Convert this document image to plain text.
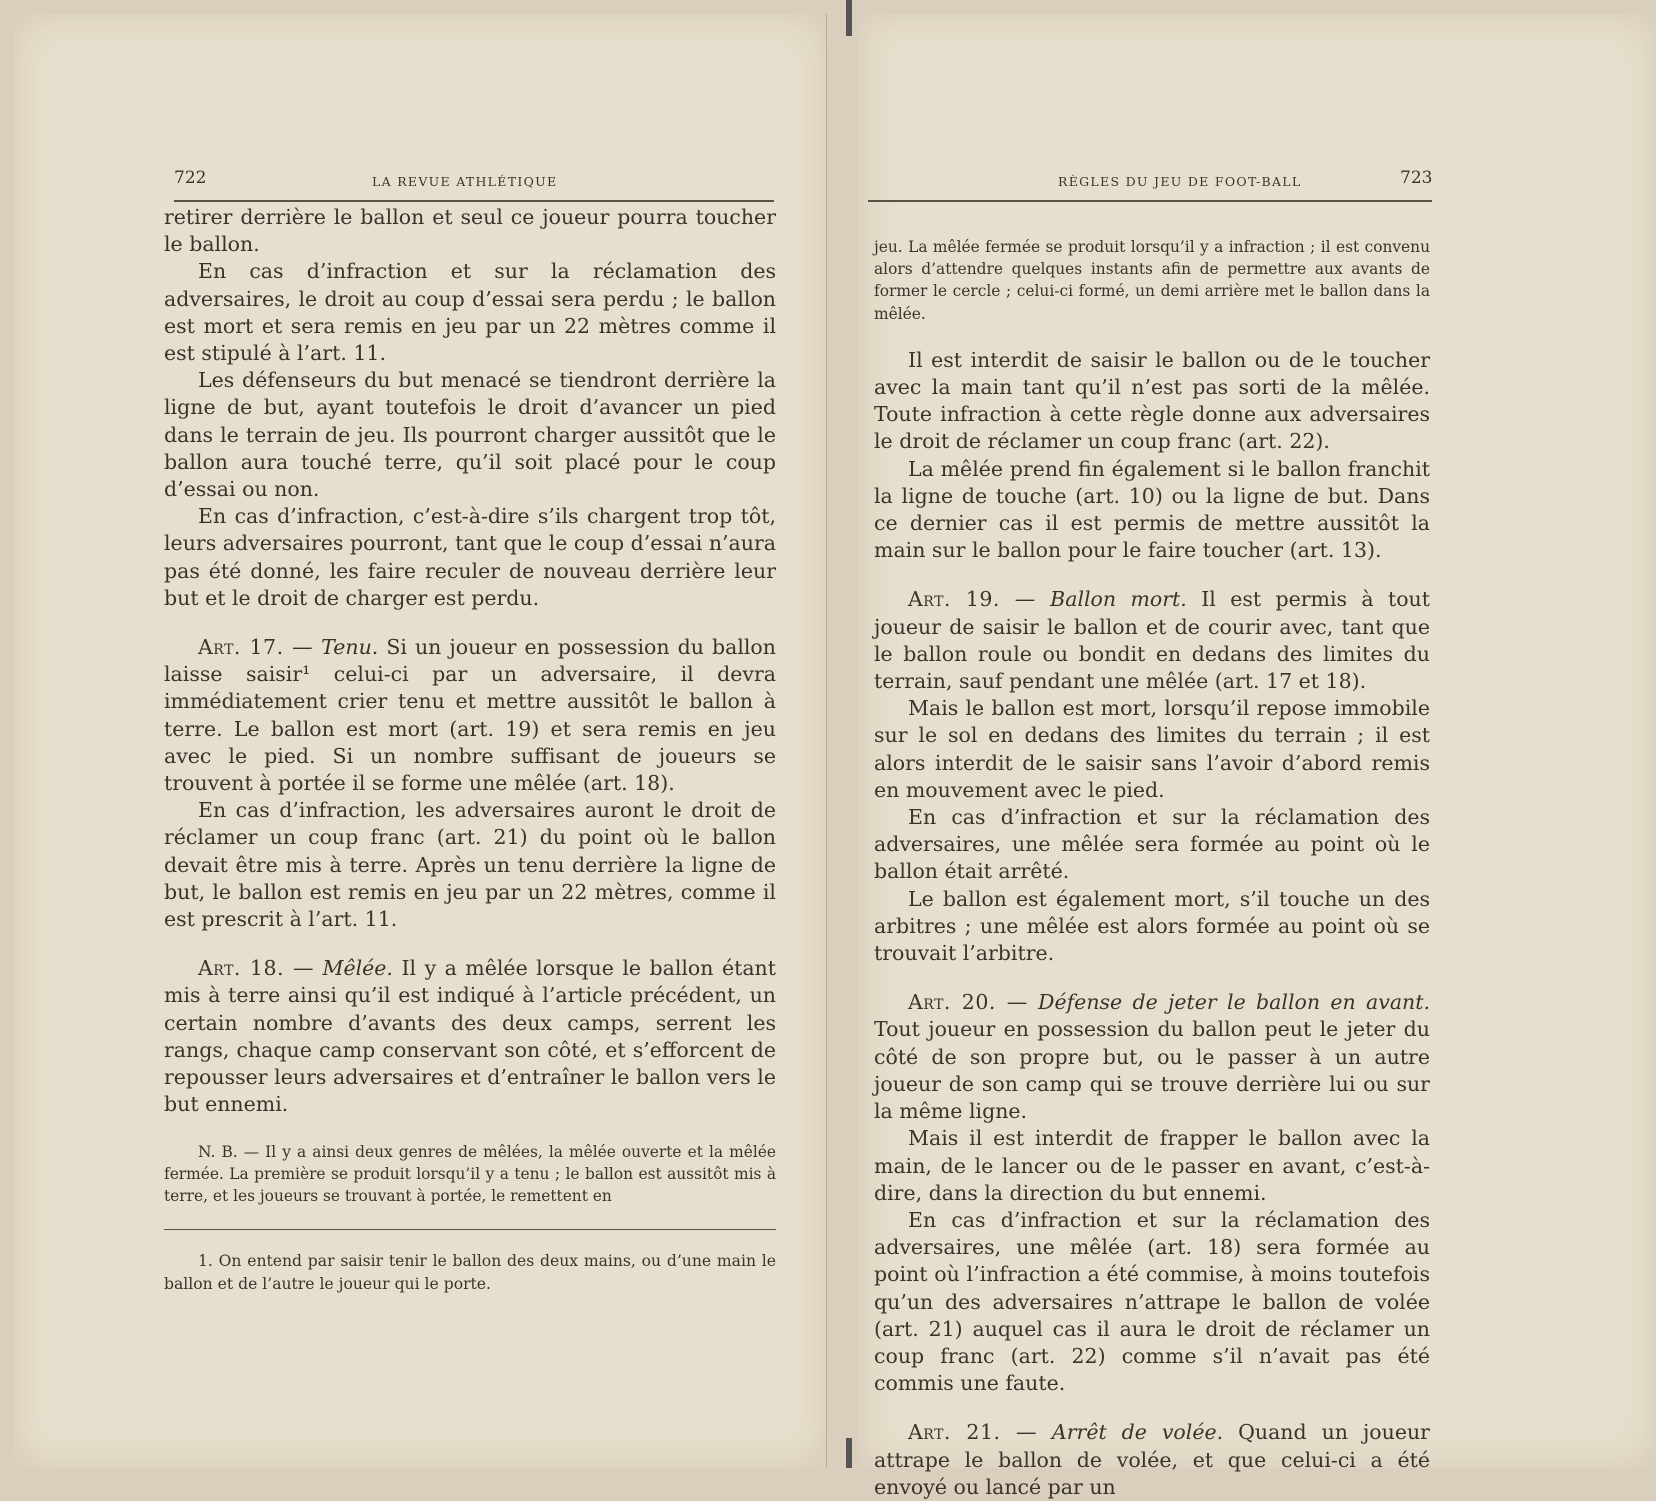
722	LA REVUE ATHLÉTIQUE

retirer derrière le ballon et seul ce joueur pourra toucher le ballon.

En cas d’infraction et sur la réclamation des adversaires, le droit au coup d’essai sera perdu ; le ballon est mort et sera remis en jeu par un 22 mètres comme il est stipulé à l’art. 11.

Les défenseurs du but menacé se tiendront derrière la ligne de but, ayant toutefois le droit d’avancer un pied dans le terrain de jeu. Ils pourront charger aussitôt que le ballon aura touché terre, qu’il soit placé pour le coup d’essai ou non.

En cas d’infraction, c’est-à-dire s’ils chargent trop tôt, leurs adversaires pourront, tant que le coup d’essai n’aura pas été donné, les faire reculer de nouveau derrière leur but et le droit de charger est perdu.

Art. 17. — Tenu. Si un joueur en possession du ballon laisse saisir¹ celui-ci par un adversaire, il devra immédiatement crier tenu et mettre aussitôt le ballon à terre. Le ballon est mort (art. 19) et sera remis en jeu avec le pied. Si un nombre suffisant de joueurs se trouvent à portée il se forme une mêlée (art. 18).

En cas d’infraction, les adversaires auront le droit de réclamer un coup franc (art. 21) du point où le ballon devait être mis à terre. Après un tenu derrière la ligne de but, le ballon est remis en jeu par un 22 mètres, comme il est prescrit à l’art. 11.

Art. 18. — Mêlée. Il y a mêlée lorsque le ballon étant mis à terre ainsi qu’il est indiqué à l’article précédent, un certain nombre d’avants des deux camps, serrent les rangs, chaque camp conservant son côté, et s’efforcent de repousser leurs adversaires et d’entraîner le ballon vers le but ennemi.

N. B. — Il y a ainsi deux genres de mêlées, la mêlée ouverte et la mêlée fermée. La première se produit lorsqu’il y a tenu ; le ballon est aussitôt mis à terre, et les joueurs se trouvant à portée, le remettent en

1. On entend par saisir tenir le ballon des deux mains, ou d’une main le ballon et de l’autre le joueur qui le porte.

RÈGLES DU JEU DE FOOT-BALL	723

jeu. La mêlée fermée se produit lorsqu’il y a infraction ; il est convenu alors d’attendre quelques instants afin de permettre aux avants de former le cercle ; celui-ci formé, un demi arrière met le ballon dans la mêlée.

Il est interdit de saisir le ballon ou de le toucher avec la main tant qu’il n’est pas sorti de la mêlée. Toute infraction à cette règle donne aux adversaires le droit de réclamer un coup franc (art. 22).

La mêlée prend fin également si le ballon franchit la ligne de touche (art. 10) ou la ligne de but. Dans ce dernier cas il est permis de mettre aussitôt la main sur le ballon pour le faire toucher (art. 13).

Art. 19. — Ballon mort. Il est permis à tout joueur de saisir le ballon et de courir avec, tant que le ballon roule ou bondit en dedans des limites du terrain, sauf pendant une mêlée (art. 17 et 18).

Mais le ballon est mort, lorsqu’il repose immobile sur le sol en dedans des limites du terrain ; il est alors interdit de le saisir sans l’avoir d’abord remis en mouvement avec le pied.

En cas d’infraction et sur la réclamation des adversaires, une mêlée sera formée au point où le ballon était arrêté.

Le ballon est également mort, s’il touche un des arbitres ; une mêlée est alors formée au point où se trouvait l’arbitre.

Art. 20. — Défense de jeter le ballon en avant. Tout joueur en possession du ballon peut le jeter du côté de son propre but, ou le passer à un autre joueur de son camp qui se trouve derrière lui ou sur la même ligne.

Mais il est interdit de frapper le ballon avec la main, de le lancer ou de le passer en avant, c’est-à-dire, dans la direction du but ennemi.

En cas d’infraction et sur la réclamation des adversaires, une mêlée (art. 18) sera formée au point où l’infraction a été commise, à moins toutefois qu’un des adversaires n’attrape le ballon de volée (art. 21) auquel cas il aura le droit de réclamer un coup franc (art. 22) comme s’il n’avait pas été commis une faute.

Art. 21. — Arrêt de volée. Quand un joueur attrape le ballon de volée, et que celui-ci a été envoyé ou lancé par un
